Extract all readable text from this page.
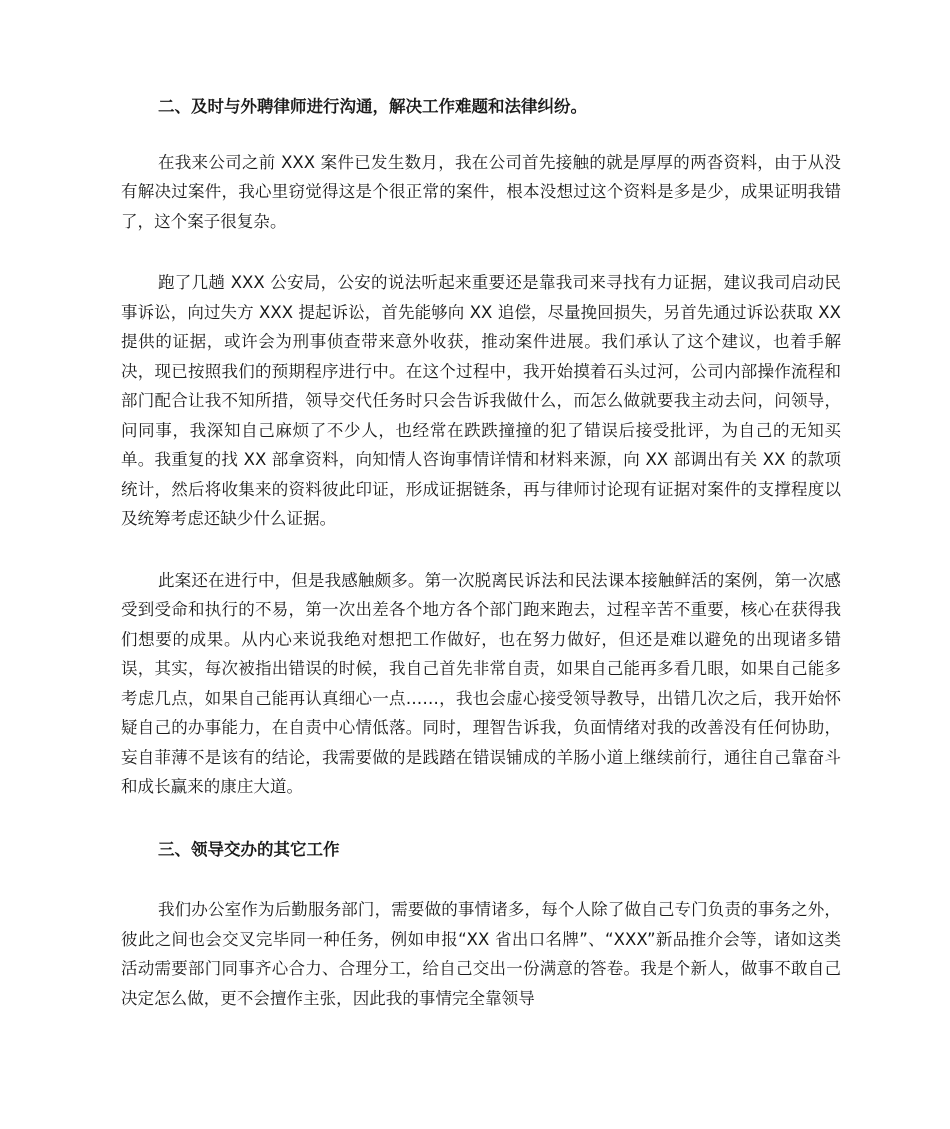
二、及时与外聘律师进行沟通，解决工作难题和法律纠纷。

在我来公司之前 XXX 案件已发生数月，我在公司首先接触的就是厚厚的两沓资料，由于从没有解决过案件，我心里窃觉得这是个很正常的案件，根本没想过这个资料是多是少，成果证明我错了，这个案子很复杂。

跑了几趟 XXX 公安局，公安的说法听起来重要还是靠我司来寻找有力证据，建议我司启动民事诉讼，向过失方 XXX 提起诉讼，首先能够向 XX 追偿，尽量挽回损失，另首先通过诉讼获取 XX 提供的证据，或许会为刑事侦查带来意外收获，推动案件进展。我们承认了这个建议，也着手解决，现已按照我们的预期程序进行中。在这个过程中，我开始摸着石头过河，公司内部操作流程和部门配合让我不知所措，领导交代任务时只会告诉我做什么，而怎么做就要我主动去问，问领导，问同事，我深知自己麻烦了不少人，也经常在跌跌撞撞的犯了错误后接受批评，为自己的无知买单。我重复的找 XX 部拿资料，向知情人咨询事情详情和材料来源，向 XX 部调出有关 XX 的款项统计，然后将收集来的资料彼此印证，形成证据链条，再与律师讨论现有证据对案件的支撑程度以及统筹考虑还缺少什么证据。

此案还在进行中，但是我感触颇多。第一次脱离民诉法和民法课本接触鲜活的案例，第一次感受到受命和执行的不易，第一次出差各个地方各个部门跑来跑去，过程辛苦不重要，核心在获得我们想要的成果。从内心来说我绝对想把工作做好，也在努力做好，但还是难以避免的出现诸多错误，其实，每次被指出错误的时候，我自己首先非常自责，如果自己能再多看几眼，如果自己能多考虑几点，如果自己能再认真细心一点……，我也会虚心接受领导教导，出错几次之后，我开始怀疑自己的办事能力，在自责中心情低落。同时，理智告诉我，负面情绪对我的改善没有任何协助，妄自菲薄不是该有的结论，我需要做的是践踏在错误铺成的羊肠小道上继续前行，通往自己靠奋斗和成长赢来的康庄大道。

三、领导交办的其它工作

我们办公室作为后勤服务部门，需要做的事情诸多，每个人除了做自己专门负责的事务之外，彼此之间也会交叉完毕同一种任务，例如申报“XX 省出口名牌”、“XXX”新品推介会等，诸如这类活动需要部门同事齐心合力、合理分工，给自己交出一份满意的答卷。我是个新人，做事不敢自己决定怎么做，更不会擅作主张，因此我的事情完全靠领导
